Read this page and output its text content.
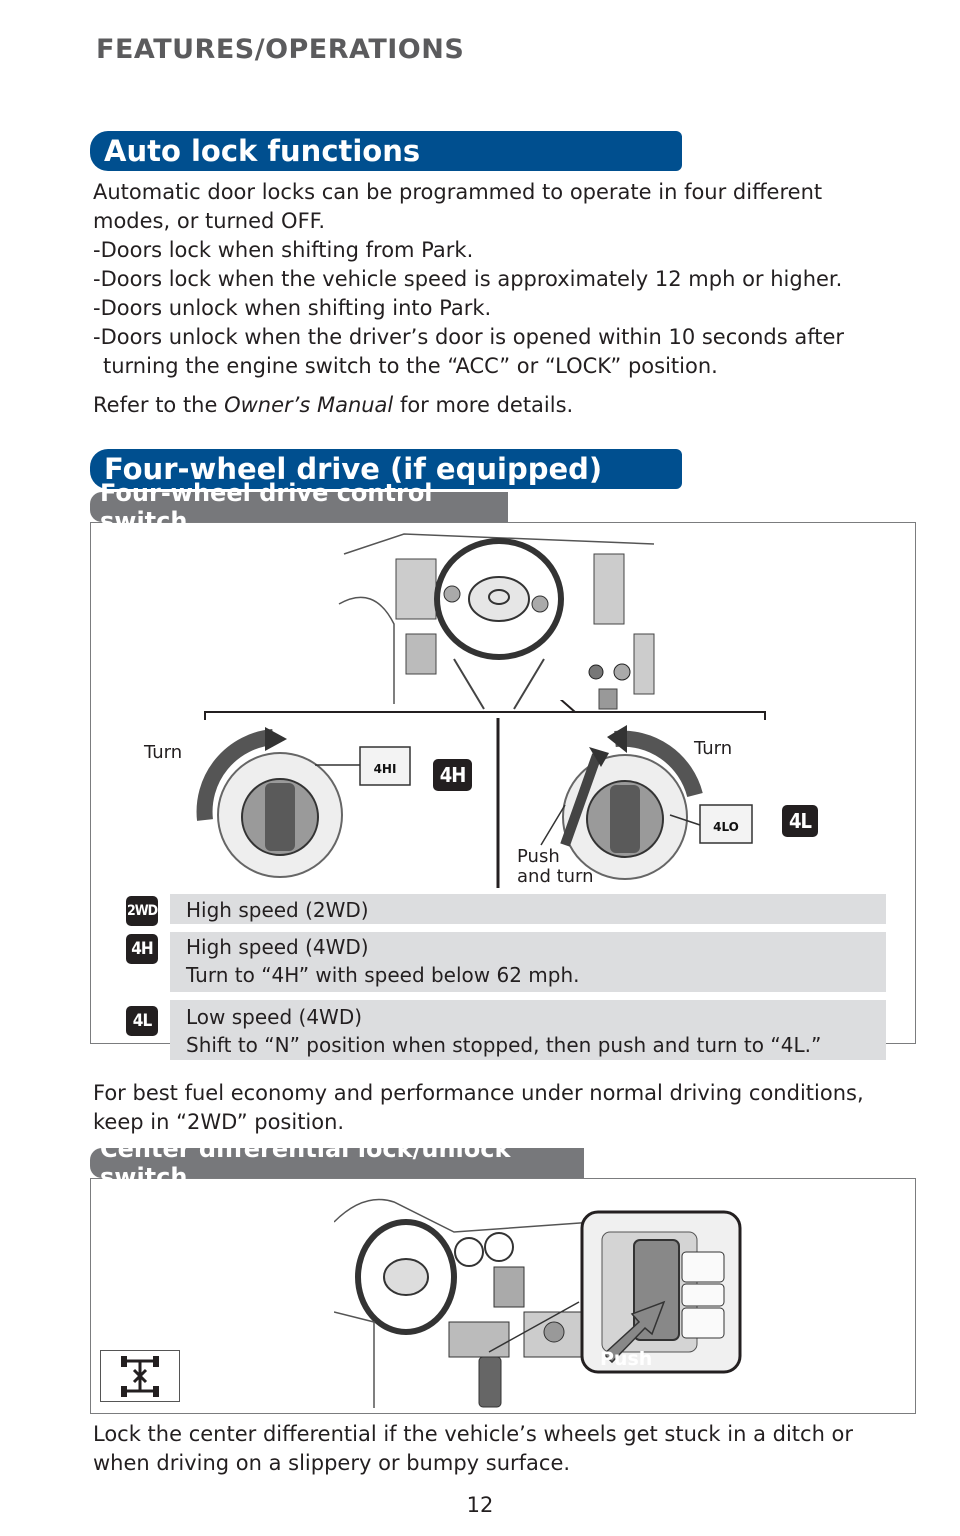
FEATURES/OPERATIONS
Auto lock functions
Automatic door locks can be programmed to operate in four different
modes, or turned OFF.
-Doors lock when shifting from Park.
-Doors lock when the vehicle speed is approximately 12 mph or higher.
-Doors unlock when shifting into Park.
-Doors unlock when the driver’s door is opened within 10 seconds after
turning the engine switch to the “ACC” or “LOCK” position.
Refer to the Owner’s Manual for more details.
Four-wheel drive (if equipped)
Four-wheel drive control switch
4HI
4LO
Turn	Turn
Push
and turn
4H
4L
2WD High speed (2WD)
4H High speed (4WD)
Turn to “4H” with speed below 62 mph.
4L	Low speed (4WD)
Shift to “N” position when stopped, then push and turn to “4L.”
For best fuel economy and performance under normal driving conditions,
keep in “2WD” position.
Center differential lock/unlock switch
Push
Lock the center differential if the vehicle’s wheels get stuck in a ditch or
when driving on a slippery or bumpy surface.
12
